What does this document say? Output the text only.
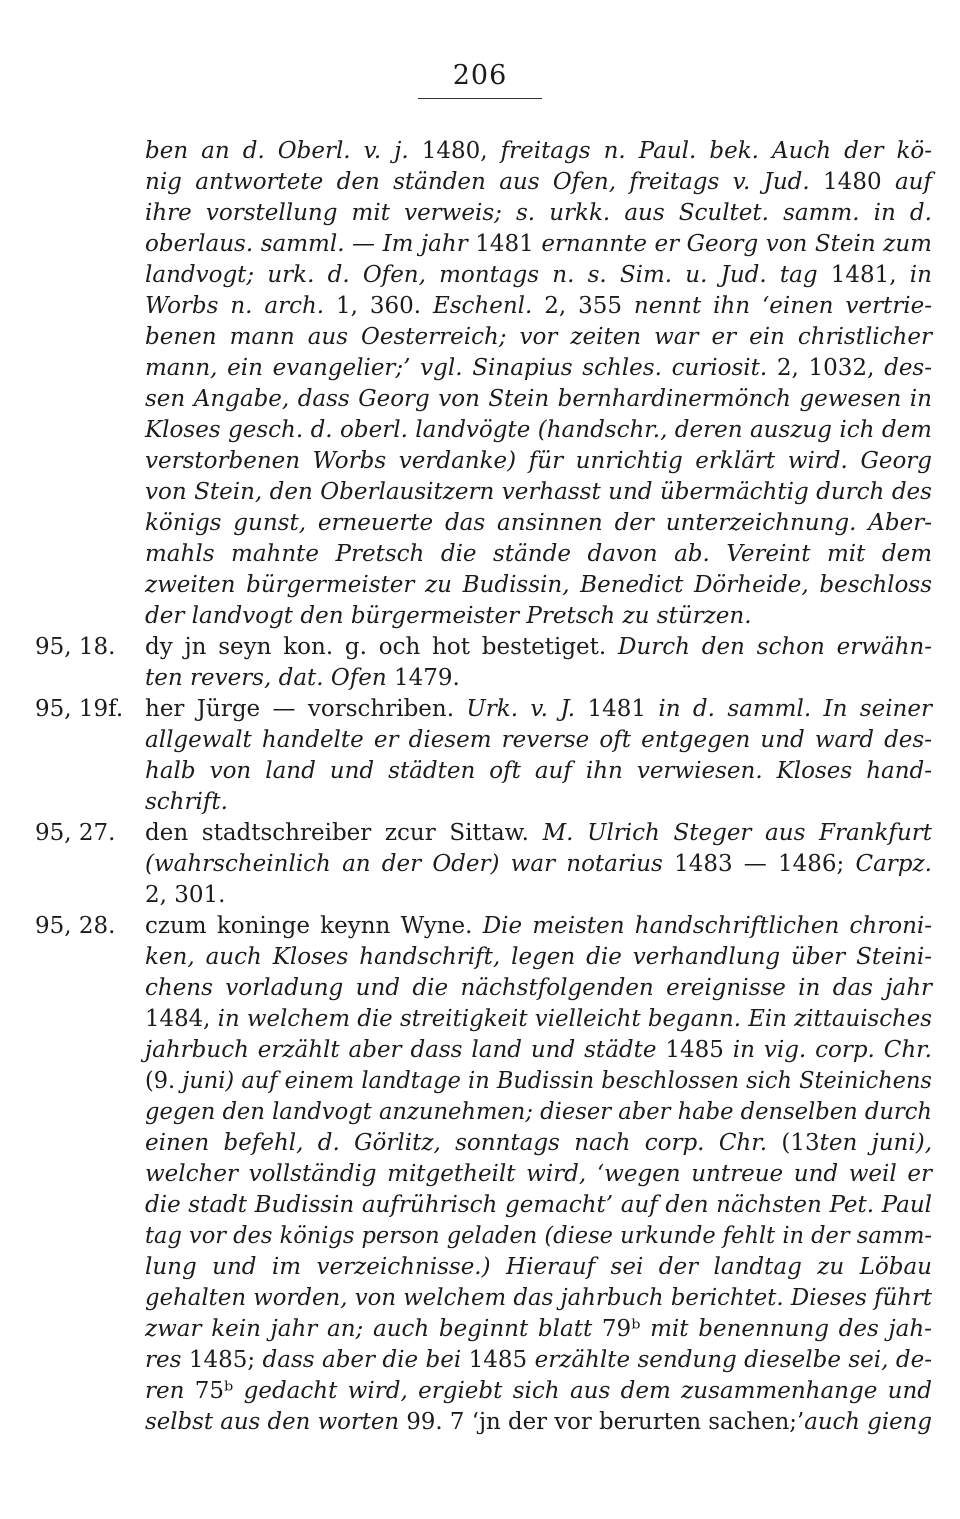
206
ben an d. Oberl. v. j. 1480, freitags n. Paul. bek. Auch der kö-
nig antwortete den ständen aus Ofen, freitags v. Jud. 1480 auf
ihre vorstellung mit verweis; s. urkk. aus Scultet. samm. in d.
oberlaus. samml. — Im jahr 1481 ernannte er Georg von Stein zum
landvogt; urk. d. Ofen, montags n. s. Sim. u. Jud. tag 1481, in
Worbs n. arch. 1, 360. Eschenl. 2, 355 nennt ihn ‘einen vertrie-
benen mann aus Oesterreich; vor zeiten war er ein christlicher
mann, ein evangelier;’ vgl. Sinapius schles. curiosit. 2, 1032, des-
sen Angabe, dass Georg von Stein bernhardinermönch gewesen in
Kloses gesch. d. oberl. landvögte (handschr., deren auszug ich dem
verstorbenen Worbs verdanke) für unrichtig erklärt wird. Georg
von Stein, den Oberlausitzern verhasst und übermächtig durch des
königs gunst, erneuerte das ansinnen der unterzeichnung. Aber-
mahls mahnte Pretsch die stände davon ab. Vereint mit dem
zweiten bürgermeister zu Budissin, Benedict Dörheide, beschloss
der landvogt den bürgermeister Pretsch zu stürzen.
95, 18. dy jn seyn kon. g. och hot bestetiget. Durch den schon erwähn-
ten revers, dat. Ofen 1479.
95, 19f. her Jürge — vorschriben. Urk. v. J. 1481 in d. samml. In seiner
allgewalt handelte er diesem reverse oft entgegen und ward des-
halb von land und städten oft auf ihn verwiesen. Kloses hand-
schrift.
95, 27. den stadtschreiber zcur Sittaw. M. Ulrich Steger aus Frankfurt
(wahrscheinlich an der Oder) war notarius 1483 — 1486; Carpz.
2, 301.
95, 28. czum koninge keynn Wyne. Die meisten handschriftlichen chroni-
ken, auch Kloses handschrift, legen die verhandlung über Steini-
chens vorladung und die nächstfolgenden ereignisse in das jahr
1484, in welchem die streitigkeit vielleicht begann. Ein zittauisches
jahrbuch erzählt aber dass land und städte 1485 in vig. corp. Chr.
(9. juni) auf einem landtage in Budissin beschlossen sich Steinichens
gegen den landvogt anzunehmen; dieser aber habe denselben durch
einen befehl, d. Görlitz, sonntags nach corp. Chr. (13ten juni),
welcher vollständig mitgetheilt wird, ‘wegen untreue und weil er
die stadt Budissin aufrührisch gemacht’ auf den nächsten Pet. Paul
tag vor des königs person geladen (diese urkunde fehlt in der samm-
lung und im verzeichnisse.) Hierauf sei der landtag zu Löbau
gehalten worden, von welchem das jahrbuch berichtet. Dieses führt
zwar kein jahr an; auch beginnt blatt 79ᵇ mit benennung des jah-
res 1485; dass aber die bei 1485 erzählte sendung dieselbe sei, de-
ren 75ᵇ gedacht wird, ergiebt sich aus dem zusammenhange und
selbst aus den worten 99. 7 ‘jn der vor berurten sachen;’auch gieng
